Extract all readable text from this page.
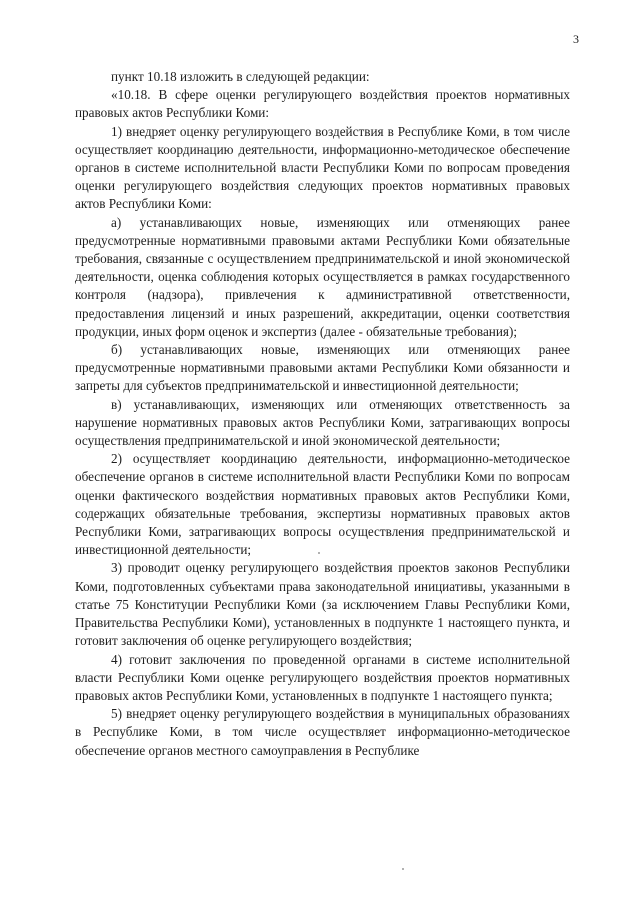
3

пункт 10.18 изложить в следующей редакции:

«10.18. В сфере оценки регулирующего воздействия проектов нормативных правовых актов Республики Коми:

1) внедряет оценку регулирующего воздействия в Республике Коми, в том числе осуществляет координацию деятельности, информационно-методическое обеспечение органов в системе исполнительной власти Республики Коми по вопросам проведения оценки регулирующего воздействия следующих проектов нормативных правовых актов Республики Коми:

а) устанавливающих новые, изменяющих или отменяющих ранее предусмотренные нормативными правовыми актами Республики Коми обязательные требования, связанные с осуществлением предпринимательской и иной экономической деятельности, оценка соблюдения которых осуществляется в рамках государственного контроля (надзора), привлечения к административной ответственности, предоставления лицензий и иных разрешений, аккредитации, оценки соответствия продукции, иных форм оценок и экспертиз (далее - обязательные требования);

б) устанавливающих новые, изменяющих или отменяющих ранее предусмотренные нормативными правовыми актами Республики Коми обязанности и запреты для субъектов предпринимательской и инвестиционной деятельности;

в) устанавливающих, изменяющих или отменяющих ответственность за нарушение нормативных правовых актов Республики Коми, затрагивающих вопросы осуществления предпринимательской и иной экономической деятельности;

2) осуществляет координацию деятельности, информационно-методическое обеспечение органов в системе исполнительной власти Республики Коми по вопросам оценки фактического воздействия нормативных правовых актов Республики Коми, содержащих обязательные требования, экспертизы нормативных правовых актов Республики Коми, затрагивающих вопросы осуществления предпринимательской и инвестиционной деятельности;

3) проводит оценку регулирующего воздействия проектов законов Республики Коми, подготовленных субъектами права законодательной инициативы, указанными в статье 75 Конституции Республики Коми (за исключением Главы Республики Коми, Правительства Республики Коми), установленных в подпункте 1 настоящего пункта, и готовит заключения об оценке регулирующего воздействия;

4) готовит заключения по проведенной органами в системе исполнительной власти Республики Коми оценке регулирующего воздействия проектов нормативных правовых актов Республики Коми, установленных в подпункте 1 настоящего пункта;

5) внедряет оценку регулирующего воздействия в муниципальных образованиях в Республике Коми, в том числе осуществляет информационно-методическое обеспечение органов местного самоуправления в Республике
